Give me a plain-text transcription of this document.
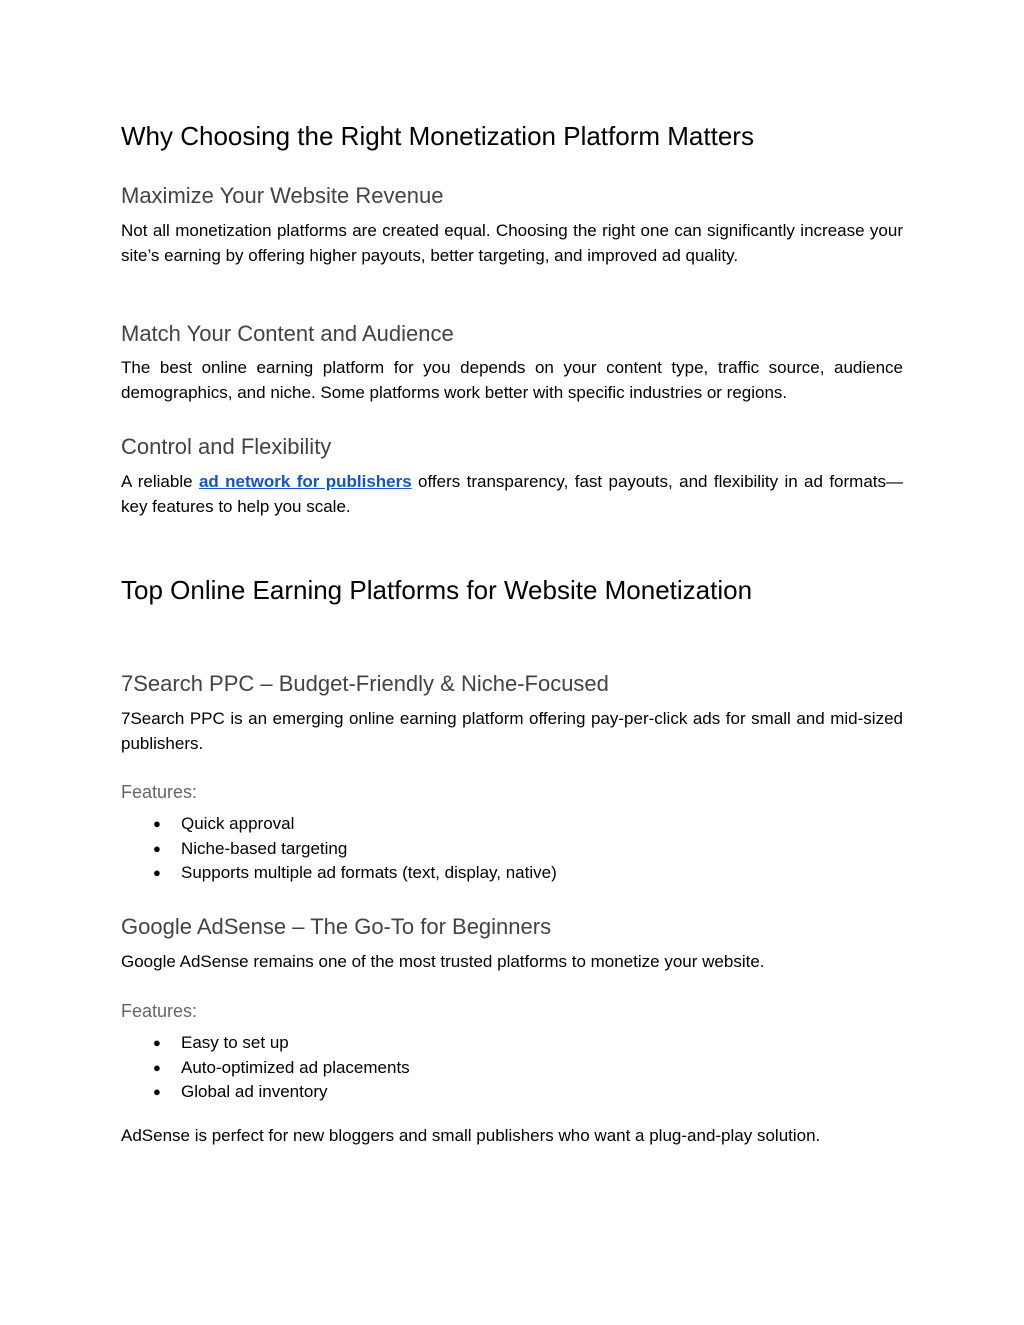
Why Choosing the Right Monetization Platform Matters
Maximize Your Website Revenue

Not all monetization platforms are created equal. Choosing the right one can significantly increase your site’s earning by offering higher payouts, better targeting, and improved ad quality.

Match Your Content and Audience

The best online earning platform for you depends on your content type, traffic source, audience demographics, and niche. Some platforms work better with specific industries or regions.

Control and Flexibility

A reliable ad network for publishers offers transparency, fast payouts, and flexibility in ad formats—key features to help you scale.

Top Online Earning Platforms for Website Monetization
7Search PPC – Budget-Friendly & Niche-Focused

7Search PPC is an emerging online earning platform offering pay-per-click ads for small and mid-sized publishers.

Features:
● Quick approval
● Niche-based targeting
● Supports multiple ad formats (text, display, native)
Google AdSense – The Go-To for Beginners

Google AdSense remains one of the most trusted platforms to monetize your website.

Features:
● Easy to set up
● Auto-optimized ad placements
● Global ad inventory

AdSense is perfect for new bloggers and small publishers who want a plug-and-play solution.
